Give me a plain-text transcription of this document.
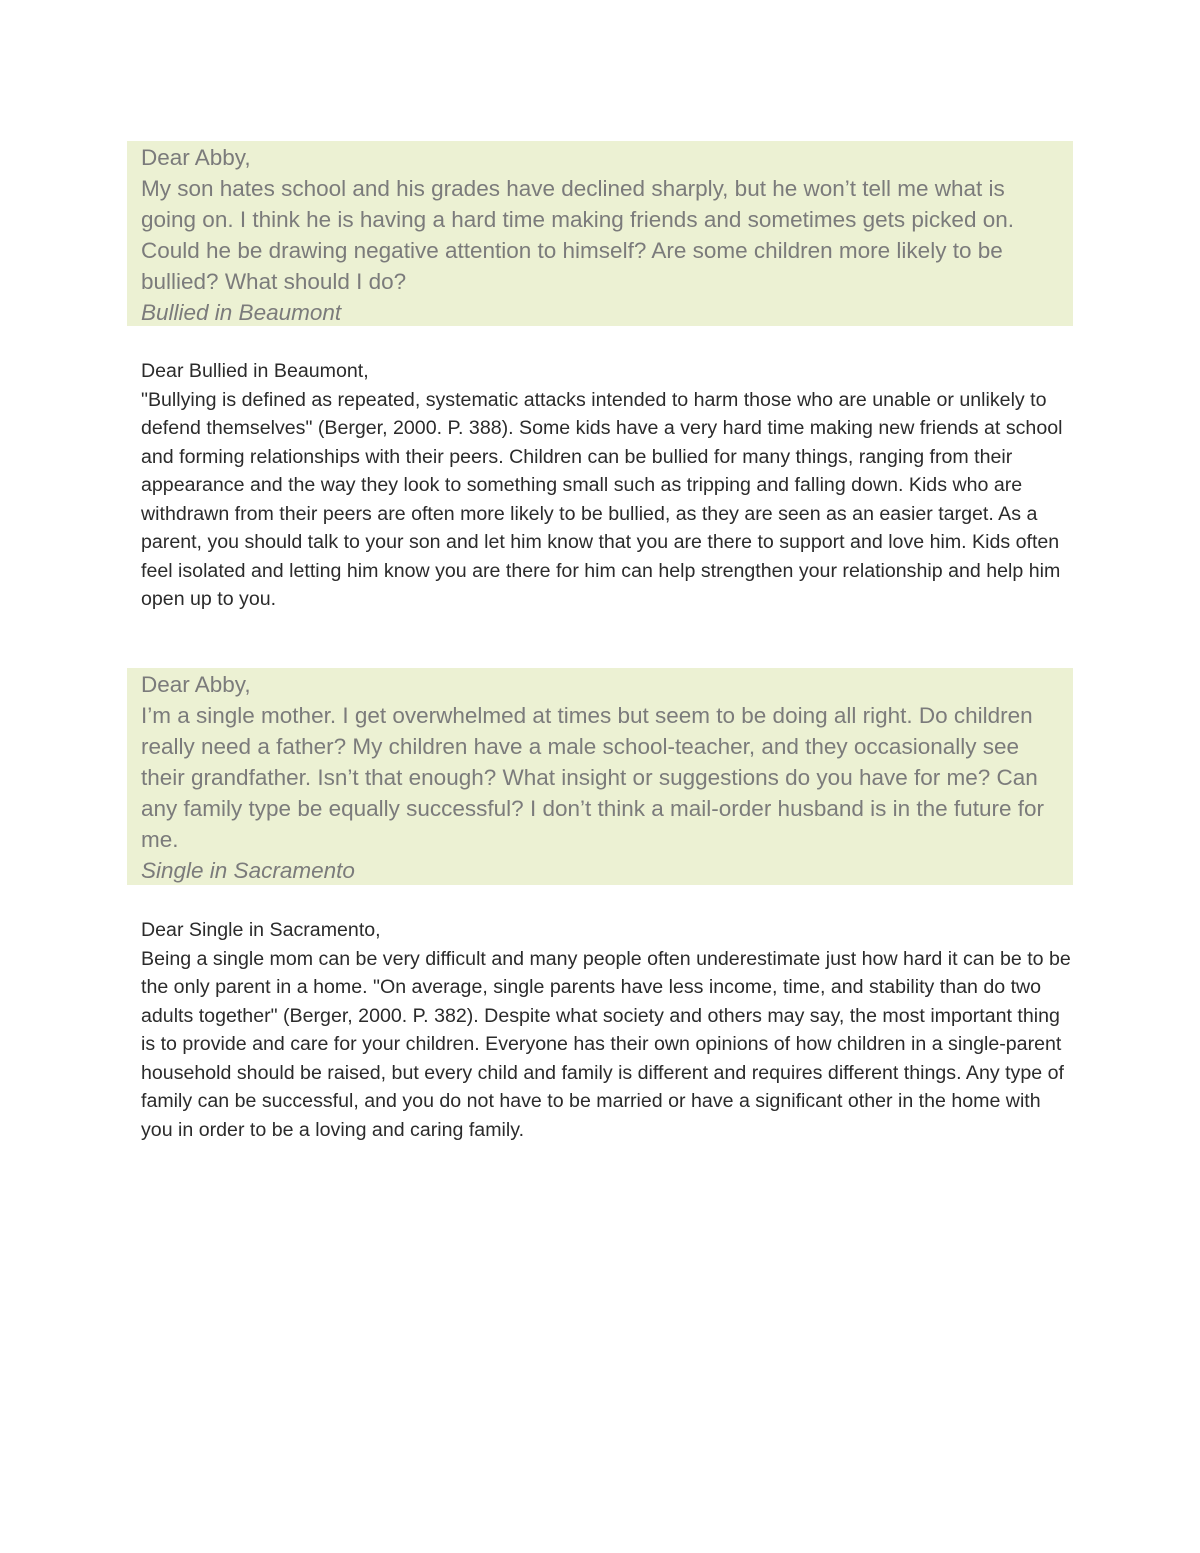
Dear Abby,

My son hates school and his grades have declined sharply, but he won’t tell me what is going on. I think he is having a hard time making friends and sometimes gets picked on. Could he be drawing negative attention to himself? Are some children more likely to be bullied? What should I do?

Bullied in Beaumont

Dear Bullied in Beaumont,

"Bullying is defined as repeated, systematic attacks intended to harm those who are unable or unlikely to defend themselves" (Berger, 2000. P. 388). Some kids have a very hard time making new friends at school and forming relationships with their peers. Children can be bullied for many things, ranging from their appearance and the way they look to something small such as tripping and falling down. Kids who are withdrawn from their peers are often more likely to be bullied, as they are seen as an easier target. As a parent, you should talk to your son and let him know that you are there to support and love him. Kids often feel isolated and letting him know you are there for him can help strengthen your relationship and help him open up to you.

Dear Abby,

I’m a single mother. I get overwhelmed at times but seem to be doing all right. Do children really need a father? My children have a male school-teacher, and they occasionally see their grandfather. Isn’t that enough? What insight or suggestions do you have for me? Can any family type be equally successful? I don’t think a mail-order husband is in the future for me.

Single in Sacramento

Dear Single in Sacramento,

Being a single mom can be very difficult and many people often underestimate just how hard it can be to be the only parent in a home. "On average, single parents have less income, time, and stability than do two adults together" (Berger, 2000. P. 382). Despite what society and others may say, the most important thing is to provide and care for your children. Everyone has their own opinions of how children in a single-parent household should be raised, but every child and family is different and requires different things. Any type of family can be successful, and you do not have to be married or have a significant other in the home with you in order to be a loving and caring family.
